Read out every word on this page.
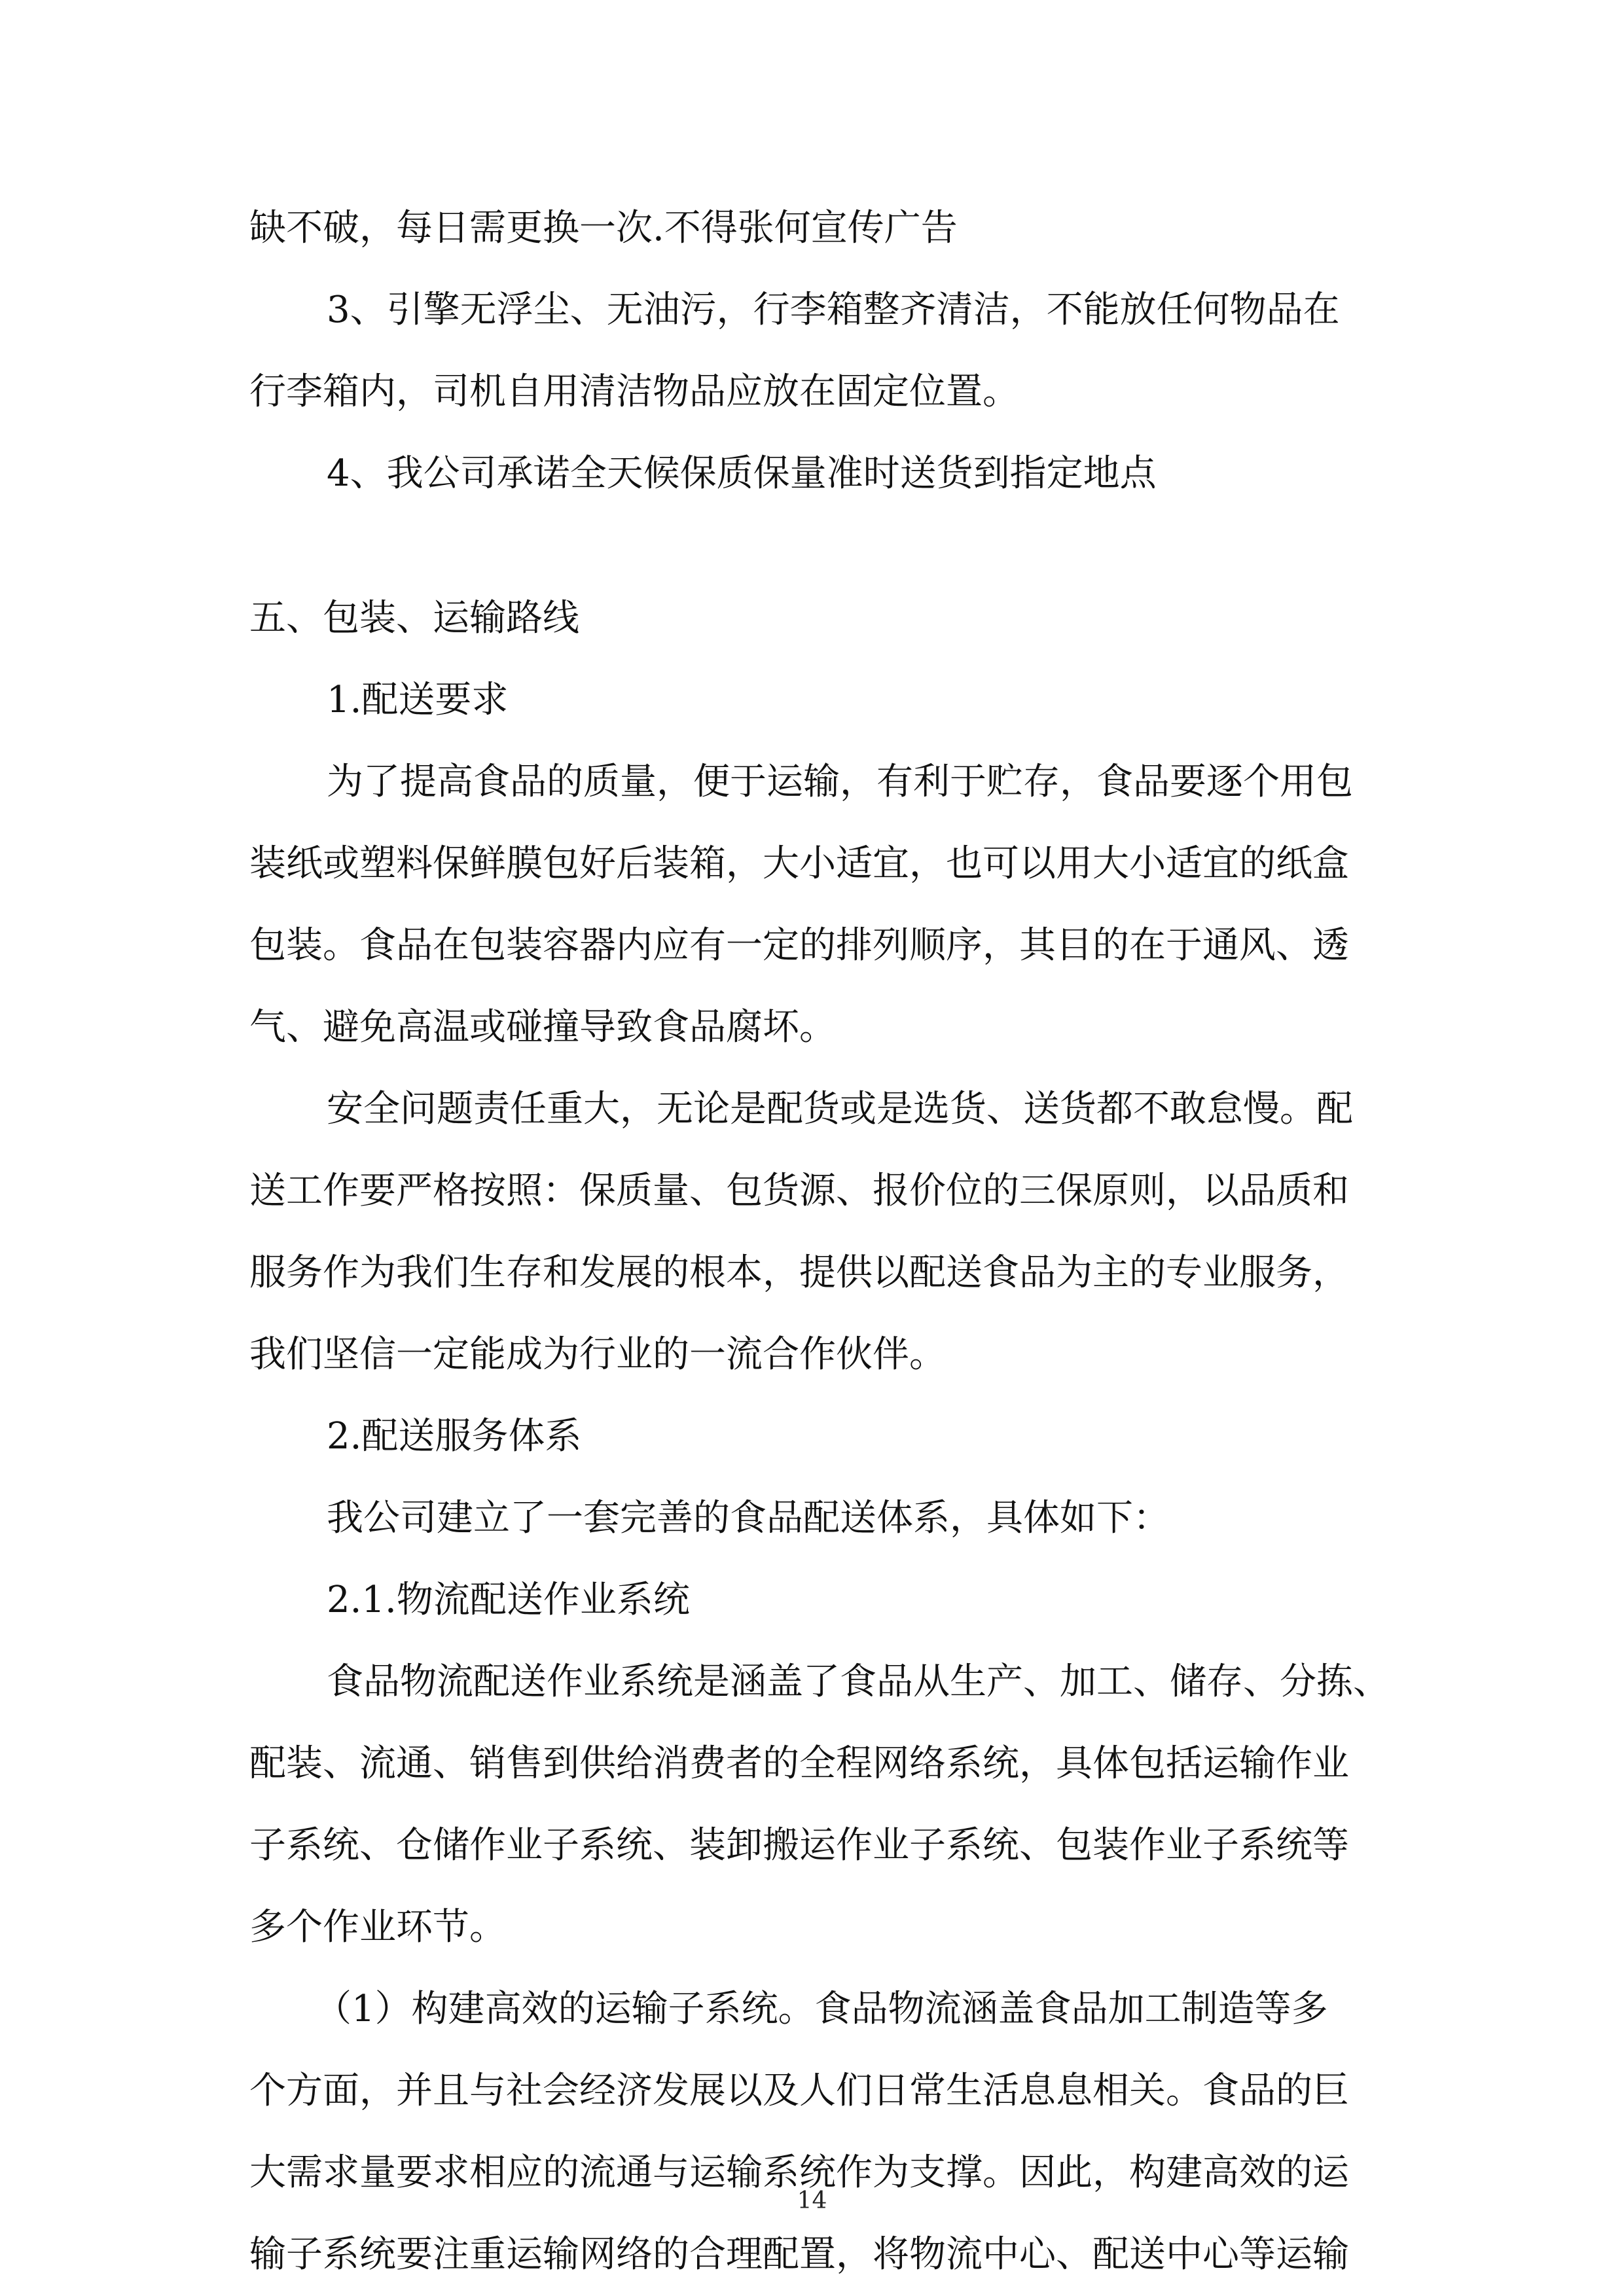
缺不破，每日需更换一次.不得张何宣传广告
3、引擎无浮尘、无油污，行李箱整齐清洁，不能放任何物品在
行李箱内，司机自用清洁物品应放在固定位置。
4、我公司承诺全天候保质保量准时送货到指定地点
五、包装、运输路线
1.配送要求
为了提高食品的质量，便于运输，有利于贮存，食品要逐个用包
装纸或塑料保鲜膜包好后装箱，大小适宜，也可以用大小适宜的纸盒
包装。食品在包装容器内应有一定的排列顺序，其目的在于通风、透
气、避免高温或碰撞导致食品腐坏。
安全问题责任重大，无论是配货或是选货、送货都不敢怠慢。配
送工作要严格按照：保质量、包货源、报价位的三保原则，以品质和
服务作为我们生存和发展的根本，提供以配送食品为主的专业服务，
我们坚信一定能成为行业的一流合作伙伴。
2.配送服务体系
我公司建立了一套完善的食品配送体系，具体如下：
2.1.物流配送作业系统
食品物流配送作业系统是涵盖了食品从生产、加工、储存、分拣、
配装、流通、销售到供给消费者的全程网络系统，具体包括运输作业
子系统、仓储作业子系统、装卸搬运作业子系统、包装作业子系统等
多个作业环节。
（1）构建高效的运输子系统。食品物流涵盖食品加工制造等多
个方面，并且与社会经济发展以及人们日常生活息息相关。食品的巨
大需求量要求相应的流通与运输系统作为支撑。因此，构建高效的运
输子系统要注重运输网络的合理配置，将物流中心、配送中心等运输
14
